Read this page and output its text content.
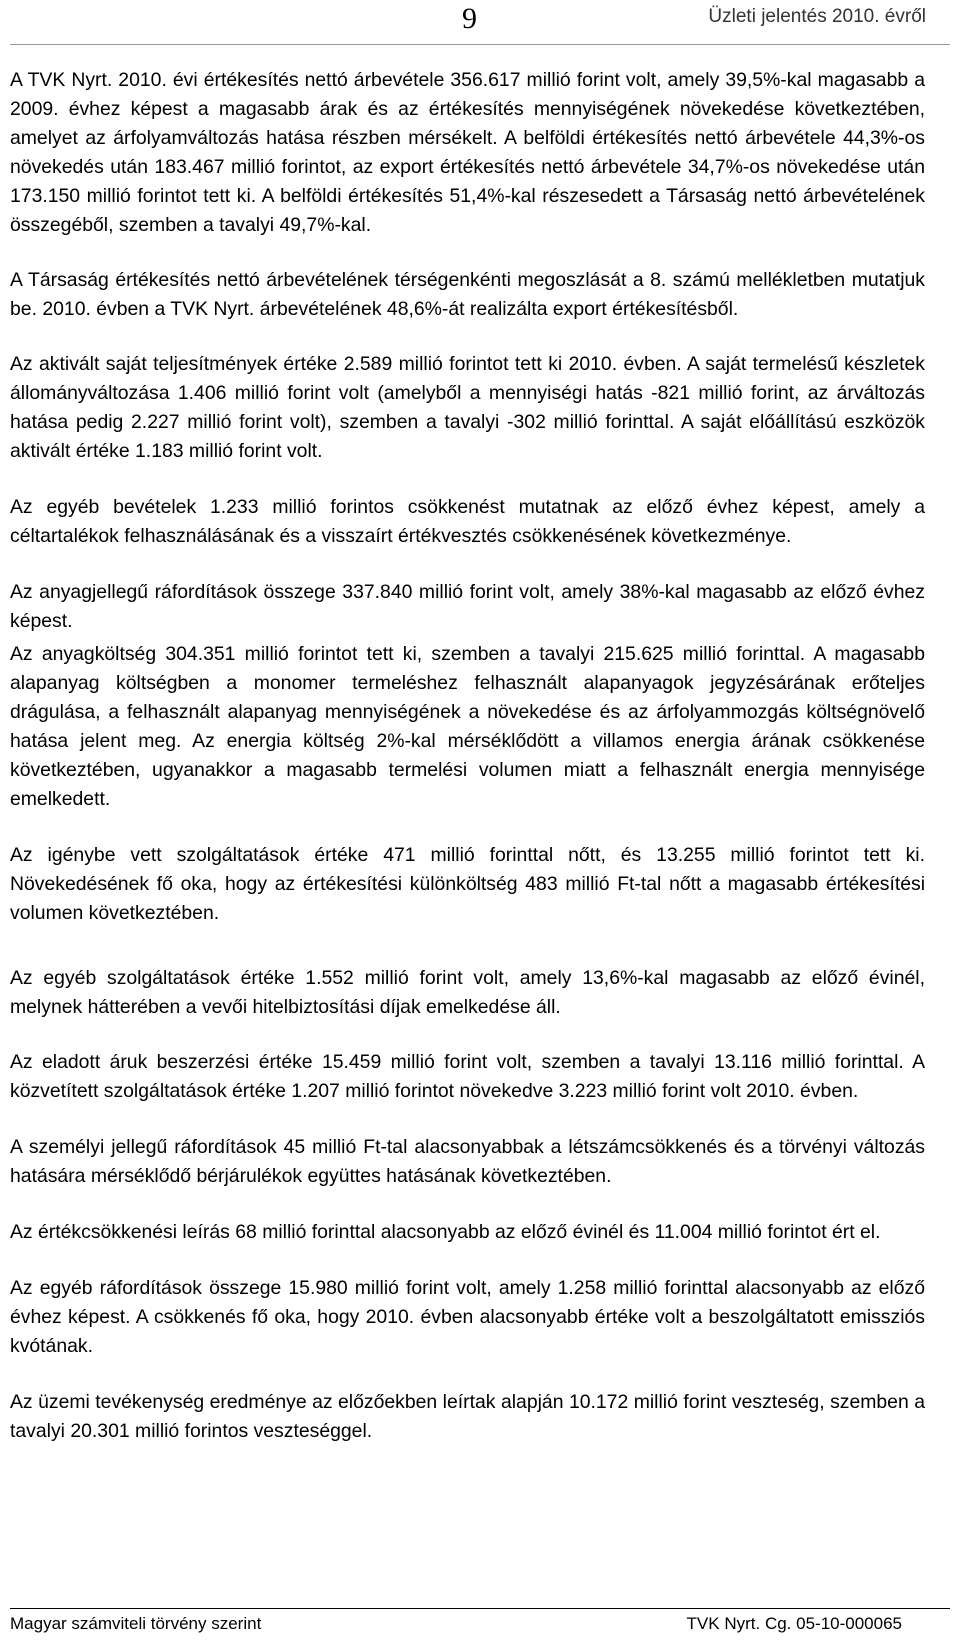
9	Üzleti jelentés 2010. évről

A TVK Nyrt. 2010. évi értékesítés nettó árbevétele 356.617 millió forint volt, amely 39,5%-kal magasabb a 2009. évhez képest a magasabb árak és az értékesítés mennyiségének növekedése következtében, amelyet az árfolyamváltozás hatása részben mérsékelt. A belföldi értékesítés nettó árbevétele 44,3%-os növekedés után 183.467 millió forintot, az export értékesítés nettó árbevétele 34,7%-os növekedése után 173.150 millió forintot tett ki. A belföldi értékesítés 51,4%-kal részesedett a Társaság nettó árbevételének összegéből, szemben a tavalyi 49,7%-kal.

A Társaság értékesítés nettó árbevételének térségenkénti megoszlását a 8. számú mellékletben mutatjuk be. 2010. évben a TVK Nyrt. árbevételének 48,6%-át realizálta export értékesítésből.

Az aktivált saját teljesítmények értéke 2.589 millió forintot tett ki 2010. évben. A saját termelésű készletek állományváltozása 1.406 millió forint volt (amelyből a mennyiségi hatás -821 millió forint, az árváltozás hatása pedig 2.227 millió forint volt), szemben a tavalyi -302 millió forinttal. A saját előállítású eszközök aktivált értéke 1.183 millió forint volt.

Az egyéb bevételek 1.233 millió forintos csökkenést mutatnak az előző évhez képest, amely a céltartalékok felhasználásának és a visszaírt értékvesztés csökkenésének következménye.

Az anyagjellegű ráfordítások összege 337.840 millió forint volt, amely 38%-kal magasabb az előző évhez képest.

Az anyagköltség 304.351 millió forintot tett ki, szemben a tavalyi 215.625 millió forinttal. A magasabb alapanyag költségben a monomer termeléshez felhasznált alapanyagok jegyzésárának erőteljes drágulása, a felhasznált alapanyag mennyiségének a növekedése és az árfolyammozgás költségnövelő hatása jelent meg. Az energia költség 2%-kal mérséklődött a villamos energia árának csökkenése következtében, ugyanakkor a magasabb termelési volumen miatt a felhasznált energia mennyisége emelkedett.

Az igénybe vett szolgáltatások értéke 471 millió forinttal nőtt, és 13.255 millió forintot tett ki. Növekedésének fő oka, hogy az értékesítési különköltség 483 millió Ft-tal nőtt a magasabb értékesítési volumen következtében.

Az egyéb szolgáltatások értéke 1.552 millió forint volt, amely 13,6%-kal magasabb az előző évinél, melynek hátterében a vevői hitelbiztosítási díjak emelkedése áll.

Az eladott áruk beszerzési értéke 15.459 millió forint volt, szemben a tavalyi 13.116 millió forinttal. A közvetített szolgáltatások értéke 1.207 millió forintot növekedve 3.223 millió forint volt 2010. évben.

A személyi jellegű ráfordítások 45 millió Ft-tal alacsonyabbak a létszámcsökkenés és a törvényi változás hatására mérséklődő bérjárulékok együttes hatásának következtében.

Az értékcsökkenési leírás 68 millió forinttal alacsonyabb az előző évinél és 11.004 millió forintot ért el.

Az egyéb ráfordítások összege 15.980 millió forint volt, amely 1.258 millió forinttal alacsonyabb az előző évhez képest. A csökkenés fő oka, hogy 2010. évben alacsonyabb értéke volt a beszolgáltatott emissziós kvótának.

Az üzemi tevékenység eredménye az előzőekben leírtak alapján 10.172 millió forint veszteség, szemben a tavalyi 20.301 millió forintos veszteséggel.

Magyar számviteli törvény szerint	TVK Nyrt. Cg. 05-10-000065
